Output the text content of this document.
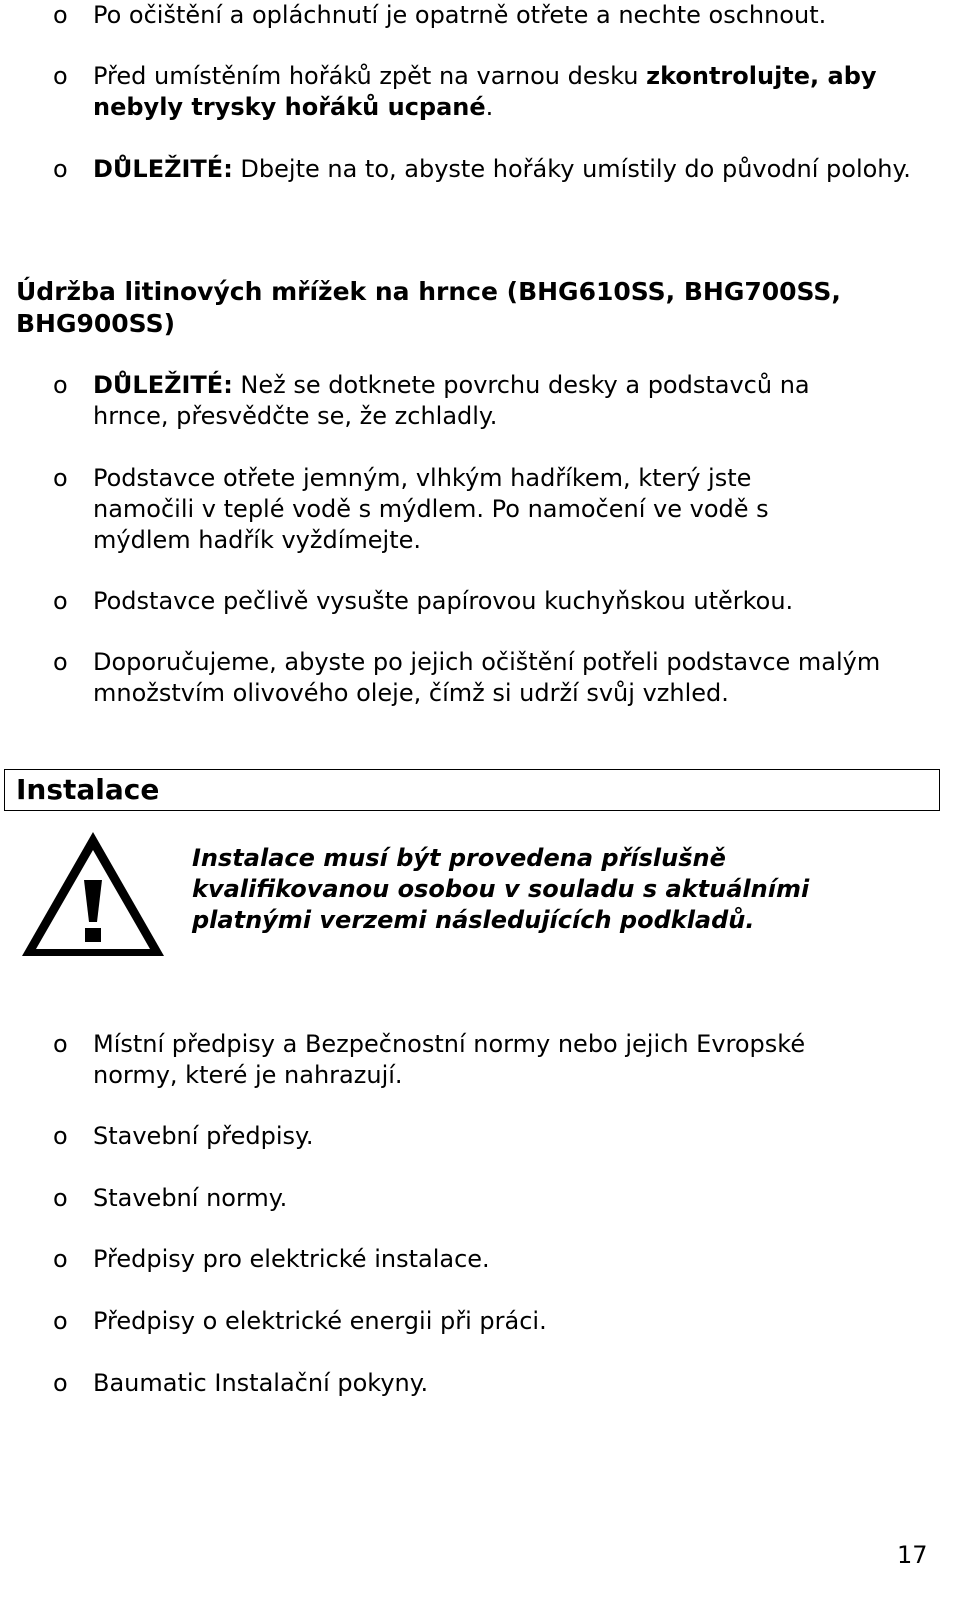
o Po očištění a opláchnutí je opatrně otřete a nechte oschnout.
o Před umístěním hořáků zpět na varnou desku zkontrolujte, aby nebyly trysky hořáků ucpané.
o DŮLEŽITÉ: Dbejte na to, abyste hořáky umístily do původní polohy.
Údržba litinových mřížek na hrnce (BHG610SS, BHG700SS, BHG900SS)
o DŮLEŽITÉ: Než se dotknete povrchu desky a podstavců na hrnce, přesvědčte se, že zchladly.
o Podstavce otřete jemným, vlhkým hadříkem, který jste namočili v teplé vodě s mýdlem. Po namočení ve vodě s mýdlem hadřík vyždímejte.
o Podstavce pečlivě vysušte papírovou kuchyňskou utěrkou.
o Doporučujeme, abyste po jejich očištění potřeli podstavce malým množstvím olivového oleje, čímž si udrží svůj vzhled.
Instalace
Instalace musí být provedena příslušně kvalifikovanou osobou v souladu s aktuálními platnými verzemi následujících podkladů.
o Místní předpisy a Bezpečnostní normy nebo jejich Evropské normy, které je nahrazují.
o Stavební předpisy.
o Stavební normy.
o Předpisy pro elektrické instalace.
o Předpisy o elektrické energii při práci.
o Baumatic Instalační pokyny.
17
